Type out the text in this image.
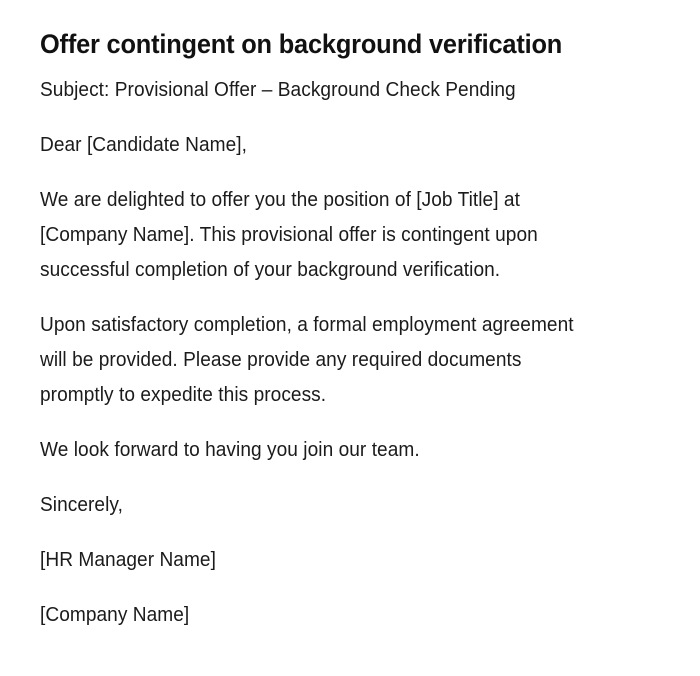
Offer contingent on background verification

Subject: Provisional Offer – Background Check Pending

Dear [Candidate Name],

We are delighted to offer you the position of [Job Title] at [Company Name]. This provisional offer is contingent upon successful completion of your background verification.

Upon satisfactory completion, a formal employment agreement will be provided. Please provide any required documents promptly to expedite this process.

We look forward to having you join our team.

Sincerely,

[HR Manager Name]

[Company Name]
